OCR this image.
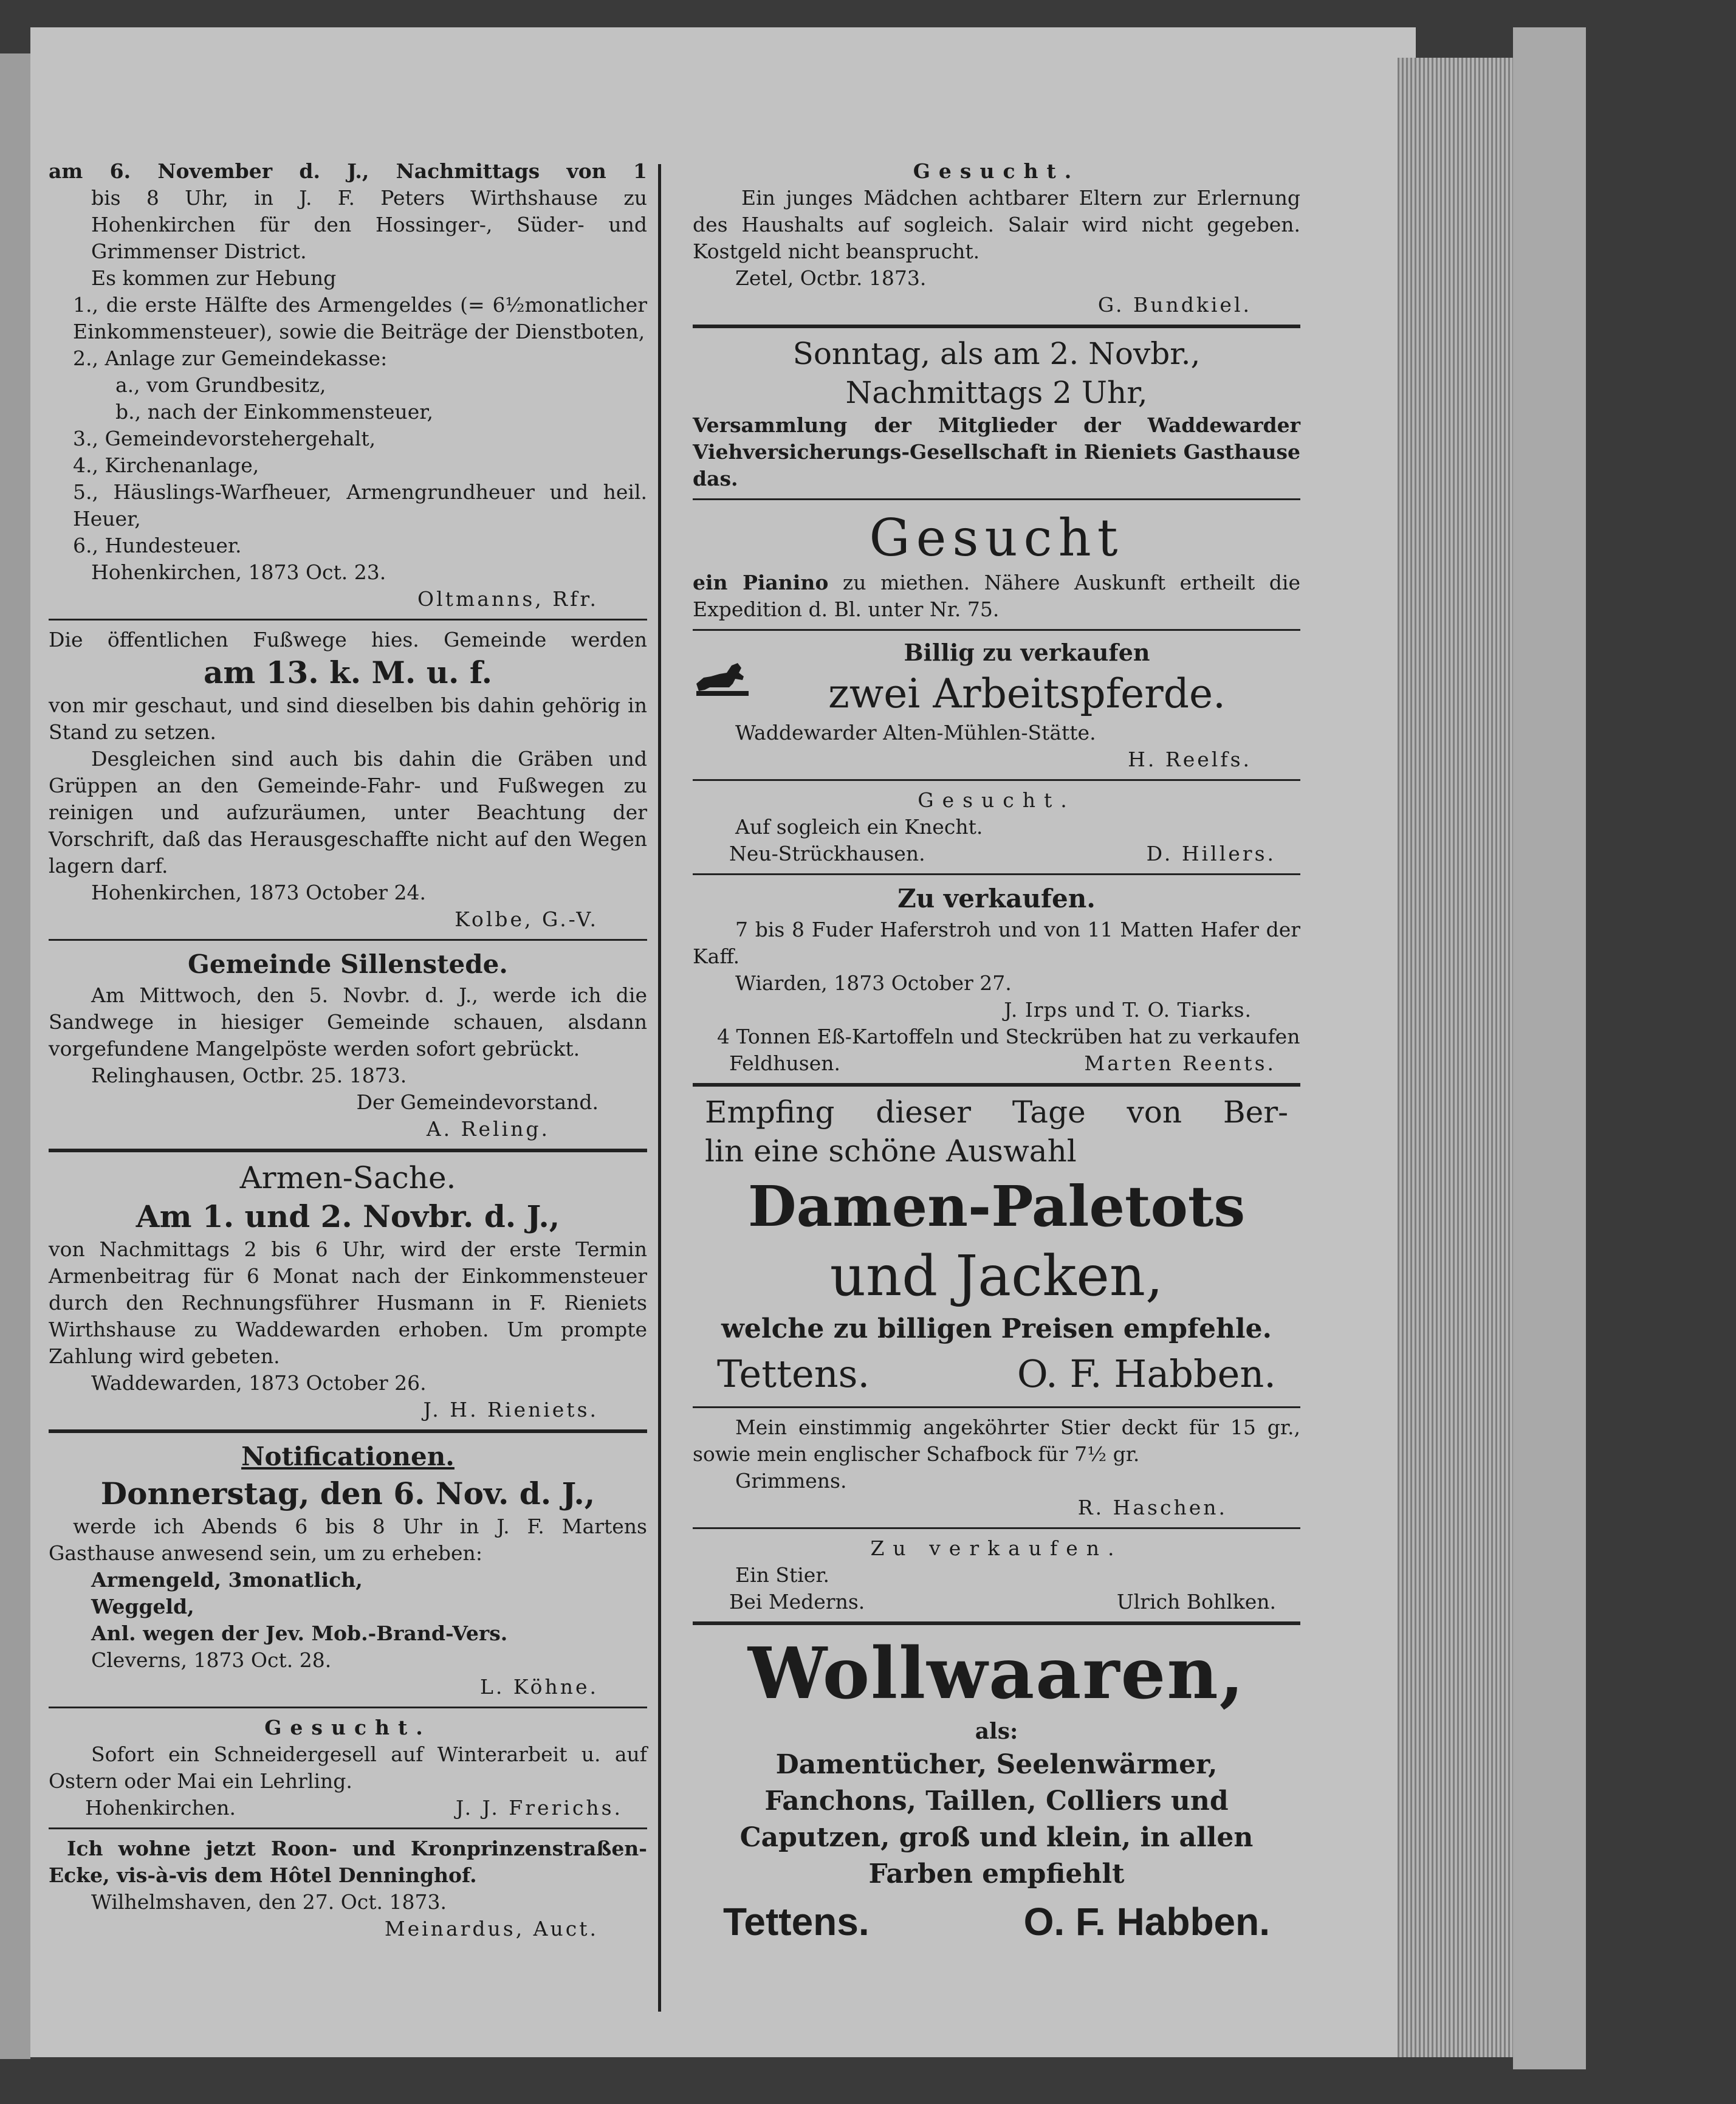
am 6. November d. J., Nachmittags von 1

bis 8 Uhr, in J. F. Peters Wirthshause zu

Hohenkirchen für den Hossinger-, Süder- und

Grimmenser District.

Es kommen zur Hebung

1., die erste Hälfte des Armengeldes (= 6½monatlicher Einkommensteuer), sowie die Beiträge der Dienstboten,

2., Anlage zur Gemeindekasse:

a., vom Grundbesitz,

b., nach der Einkommensteuer,

3., Gemeindevorstehergehalt,

4., Kirchenanlage,

5., Häuslings-Warfheuer, Armengrundheuer und heil. Heuer,

6., Hundesteuer.

Hohenkirchen, 1873 Oct. 23.

Oltmanns, Rfr.

Die öffentlichen Fußwege hies. Gemeinde werden

am 13. k. M. u. f.

von mir geschaut, und sind dieselben bis dahin gehörig in Stand zu setzen.

Desgleichen sind auch bis dahin die Gräben und Grüppen an den Gemeinde-Fahr- und Fußwegen zu reinigen und aufzuräumen, unter Beachtung der Vorschrift, daß das Herausgeschaffte nicht auf den Wegen lagern darf.

Hohenkirchen, 1873 October 24.

Kolbe, G.-V.

Gemeinde Sillenstede.

Am Mittwoch, den 5. Novbr. d. J., werde ich die Sandwege in hiesiger Gemeinde schauen, alsdann vorgefundene Mangelpöste werden sofort gebrückt.

Relinghausen, Octbr. 25. 1873.

Der Gemeindevorstand.

A. Reling.

Armen-Sache.

Am 1. und 2. Novbr. d. J.,

von Nachmittags 2 bis 6 Uhr, wird der erste Termin Armenbeitrag für 6 Monat nach der Einkommensteuer durch den Rechnungsführer Husmann in F. Rieniets Wirthshause zu Waddewarden erhoben. Um prompte Zahlung wird gebeten.

Waddewarden, 1873 October 26.

J. H. Rieniets.

Notificationen.

Donnerstag, den 6. Nov. d. J.,

werde ich Abends 6 bis 8 Uhr in J. F. Martens Gasthause anwesend sein, um zu erheben:

Armengeld, 3monatlich,

Weggeld,

Anl. wegen der Jev. Mob.-Brand-Vers.

Cleverns, 1873 Oct. 28.

L. Köhne.

Gesucht.

Sofort ein Schneidergesell auf Winterarbeit u. auf Ostern oder Mai ein Lehrling.

Hohenkirchen.	J. J. Frerichs.

Ich wohne jetzt Roon- und Kronprinzenstraßen-Ecke, vis-à-vis dem Hôtel Denninghof.

Wilhelmshaven, den 27. Oct. 1873.

Meinardus, Auct.

Gesucht.

Ein junges Mädchen achtbarer Eltern zur Erlernung des Haushalts auf sogleich. Salair wird nicht gegeben. Kostgeld nicht beansprucht.

Zetel, Octbr. 1873.

G. Bundkiel.

Sonntag, als am 2. Novbr.,

Nachmittags 2 Uhr,

Versammlung der Mitglieder der Waddewarder Viehversicherungs-Gesellschaft in Rieniets Gasthause das.

Gesucht

ein Pianino zu miethen. Nähere Auskunft ertheilt die Expedition d. Bl. unter Nr. 75.

Billig zu verkaufen

zwei Arbeitspferde.

Waddewarder Alten-Mühlen-Stätte.

H. Reelfs.

Gesucht.

Auf sogleich ein Knecht.

Neu-Strückhausen.	D. Hillers.

Zu verkaufen.

7 bis 8 Fuder Haferstroh und von 11 Matten Hafer der Kaff.

Wiarden, 1873 October 27.

J. Irps und T. O. Tiarks.

4 Tonnen Eß-Kartoffeln und Steckrüben hat zu verkaufen

Feldhusen.	Marten Reents.

Empfing dieser Tage von Ber-

lin eine schöne Auswahl

Damen-Paletots

und Jacken,

welche zu billigen Preisen empfehle.

Tettens.	O. F. Habben.

Mein einstimmig angeköhrter Stier deckt für 15 gr., sowie mein englischer Schafbock für 7½ gr.

Grimmens.

R. Haschen.

Zu verkaufen.

Ein Stier.

Bei Mederns.	Ulrich Bohlken.

Wollwaaren,

als:

Damentücher, Seelenwärmer, Fanchons, Taillen, Colliers und Caputzen, groß und klein, in allen Farben empfiehlt

Tettens.	O. F. Habben.
